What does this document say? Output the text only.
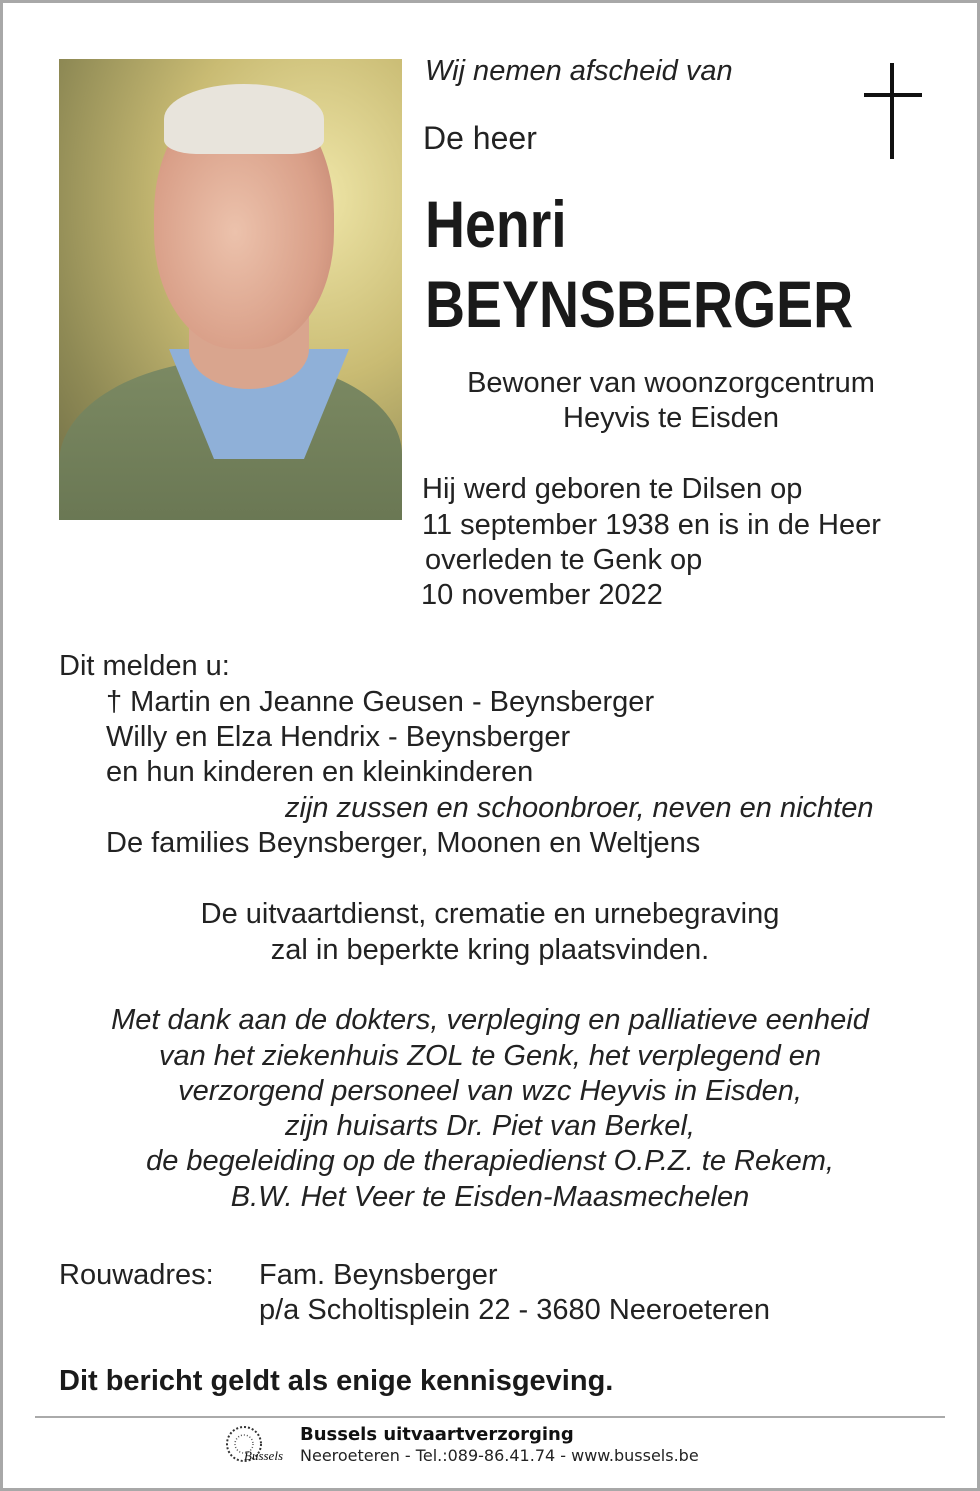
Wij nemen afscheid van
De heer
Henri
BEYNSBERGER
Bewoner van woonzorgcentrum
Heyvis te Eisden
Hij werd geboren te Dilsen op
11 september 1938 en is in de Heer
overleden te Genk op
10 november 2022
Dit melden u:
† Martin en Jeanne Geusen - Beynsberger
Willy en Elza Hendrix - Beynsberger
en hun kinderen en kleinkinderen
zijn zussen en schoonbroer, neven en nichten
De families Beynsberger, Moonen en Weltjens
De uitvaartdienst, crematie en urnebegraving
zal in beperkte kring plaatsvinden.
Met dank aan de dokters, verpleging en palliatieve eenheid
van het ziekenhuis ZOL te Genk, het verplegend en
verzorgend personeel van wzc Heyvis in Eisden,
zijn huisarts Dr. Piet van Berkel,
de begeleiding op de therapiedienst O.P.Z. te Rekem,
B.W. Het Veer te Eisden-Maasmechelen
Rouwadres: Fam. Beynsberger
p/a Scholtisplein 22 - 3680 Neeroeteren
Dit bericht geldt als enige kennisgeving.
Bussels
Bussels uitvaartverzorging
Neeroeteren - Tel.:089-86.41.74 - www.bussels.be
